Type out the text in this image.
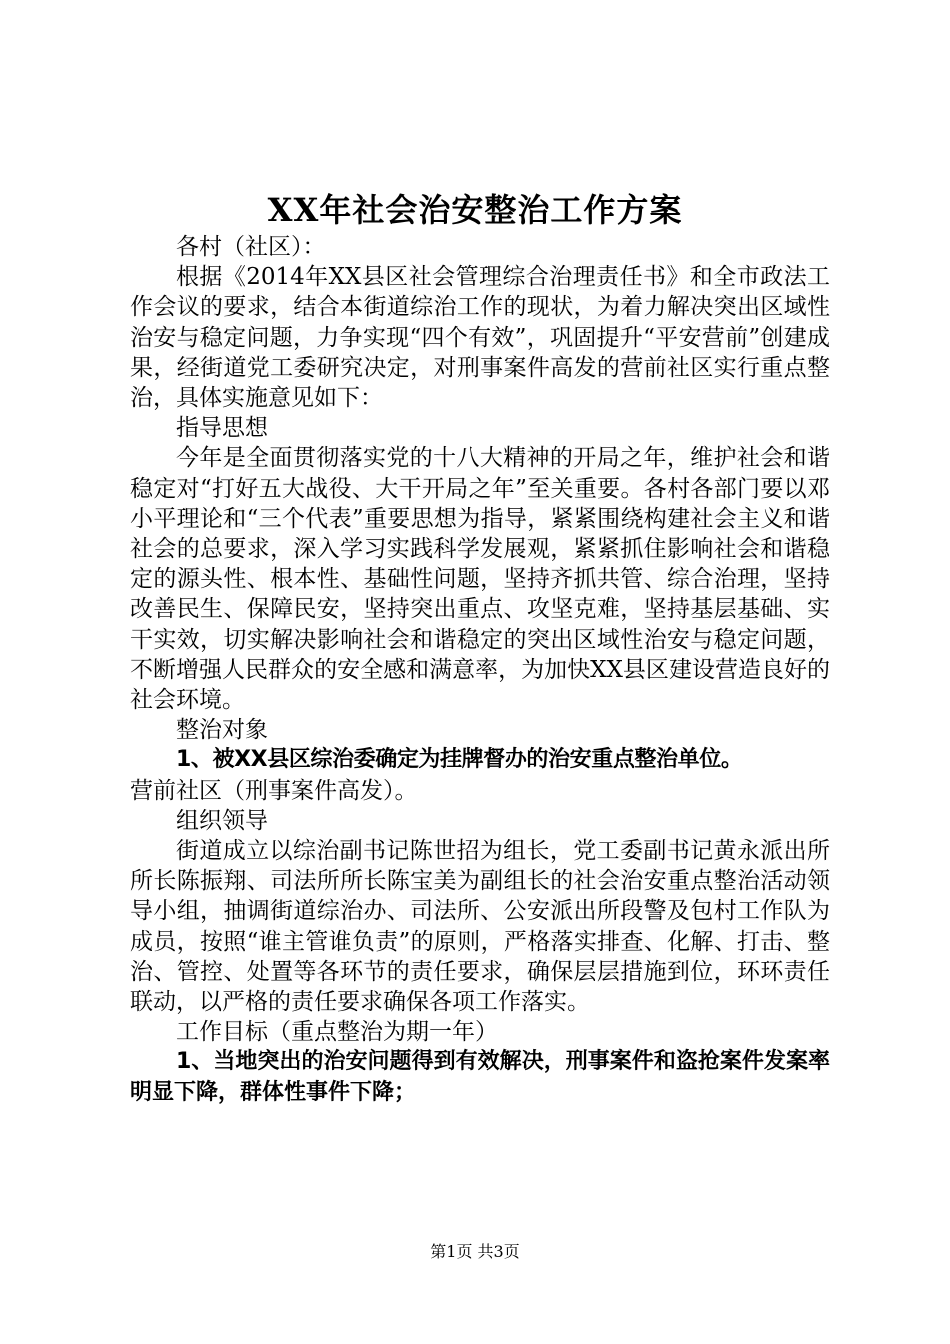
XX年社会治安整治工作方案

各村（社区）：

根据《2014年XX县区社会管理综合治理责任书》和全市政法工作会议的要求，结合本街道综治工作的现状，为着力解决突出区域性治安与稳定问题，力争实现“四个有效”，巩固提升“平安营前”创建成果，经街道党工委研究决定，对刑事案件高发的营前社区实行重点整治，具体实施意见如下：

指导思想

今年是全面贯彻落实党的十八大精神的开局之年，维护社会和谐稳定对“打好五大战役、大干开局之年”至关重要。各村各部门要以邓小平理论和“三个代表”重要思想为指导，紧紧围绕构建社会主义和谐社会的总要求，深入学习实践科学发展观，紧紧抓住影响社会和谐稳定的源头性、根本性、基础性问题，坚持齐抓共管、综合治理，坚持改善民生、保障民安，坚持突出重点、攻坚克难，坚持基层基础、实干实效，切实解决影响社会和谐稳定的突出区域性治安与稳定问题，不断增强人民群众的安全感和满意率，为加快XX县区建设营造良好的社会环境。

整治对象

1、被XX县区综治委确定为挂牌督办的治安重点整治单位。

营前社区（刑事案件高发）。

组织领导

街道成立以综治副书记陈世招为组长，党工委副书记黄永派出所所长陈振翔、司法所所长陈宝美为副组长的社会治安重点整治活动领导小组，抽调街道综治办、司法所、公安派出所段警及包村工作队为成员，按照“谁主管谁负责”的原则，严格落实排查、化解、打击、整治、管控、处置等各环节的责任要求，确保层层措施到位，环环责任联动，以严格的责任要求确保各项工作落实。

工作目标（重点整治为期一年）

1、当地突出的治安问题得到有效解决，刑事案件和盗抢案件发案率明显下降，群体性事件下降；

第1页 共3页
